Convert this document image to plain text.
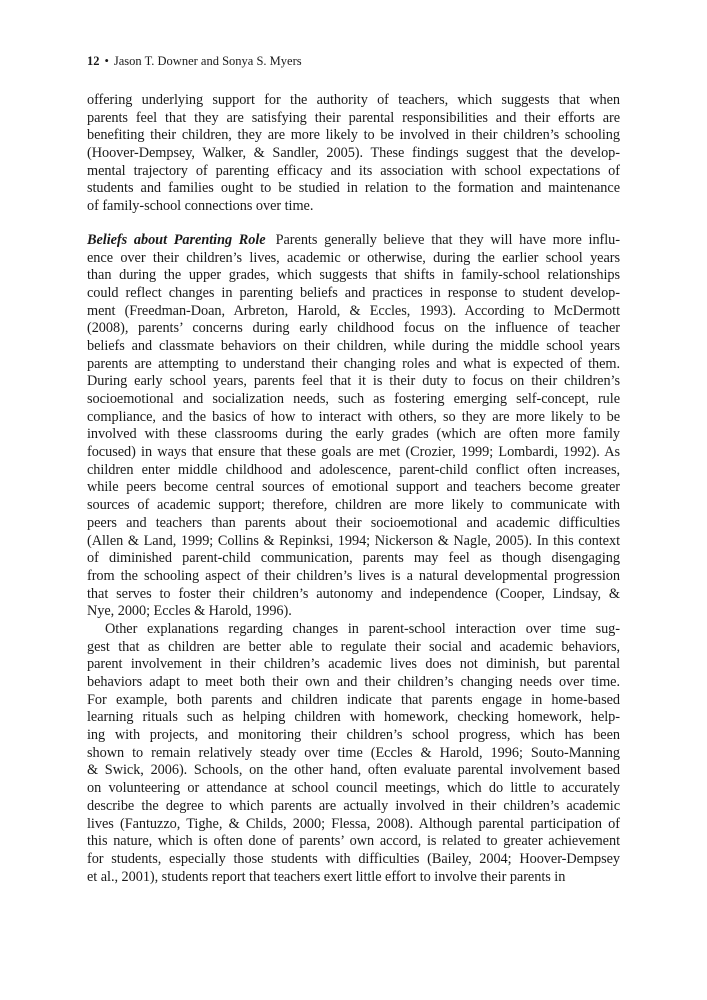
12 • Jason T. Downer and Sonya S. Myers
offering underlying support for the authority of teachers, which suggests that when
parents feel that they are satisfying their parental responsibilities and their efforts are
benefiting their children, they are more likely to be involved in their children’s schooling
(Hoover-Dempsey, Walker, & Sandler, 2005). These findings suggest that the develop-
mental trajectory of parenting efficacy and its association with school expectations of
students and families ought to be studied in relation to the formation and maintenance
of family-school connections over time.
Beliefs about Parenting Role Parents generally believe that they will have more influ-
ence over their children’s lives, academic or otherwise, during the earlier school years
than during the upper grades, which suggests that shifts in family-school relationships
could reflect changes in parenting beliefs and practices in response to student develop-
ment (Freedman-Doan, Arbreton, Harold, & Eccles, 1993). According to McDermott
(2008), parents’ concerns during early childhood focus on the influence of teacher
beliefs and classmate behaviors on their children, while during the middle school years
parents are attempting to understand their changing roles and what is expected of them.
During early school years, parents feel that it is their duty to focus on their children’s
socioemotional and socialization needs, such as fostering emerging self-concept, rule
compliance, and the basics of how to interact with others, so they are more likely to be
involved with these classrooms during the early grades (which are often more family
focused) in ways that ensure that these goals are met (Crozier, 1999; Lombardi, 1992). As
children enter middle childhood and adolescence, parent-child conflict often increases,
while peers become central sources of emotional support and teachers become greater
sources of academic support; therefore, children are more likely to communicate with
peers and teachers than parents about their socioemotional and academic difficulties
(Allen & Land, 1999; Collins & Repinksi, 1994; Nickerson & Nagle, 2005). In this context
of diminished parent-child communication, parents may feel as though disengaging
from the schooling aspect of their children’s lives is a natural developmental progression
that serves to foster their children’s autonomy and independence (Cooper, Lindsay, &
Nye, 2000; Eccles & Harold, 1996).
Other explanations regarding changes in parent-school interaction over time sug-
gest that as children are better able to regulate their social and academic behaviors,
parent involvement in their children’s academic lives does not diminish, but parental
behaviors adapt to meet both their own and their children’s changing needs over time.
For example, both parents and children indicate that parents engage in home-based
learning rituals such as helping children with homework, checking homework, help-
ing with projects, and monitoring their children’s school progress, which has been
shown to remain relatively steady over time (Eccles & Harold, 1996; Souto-Manning
& Swick, 2006). Schools, on the other hand, often evaluate parental involvement based
on volunteering or attendance at school council meetings, which do little to accurately
describe the degree to which parents are actually involved in their children’s academic
lives (Fantuzzo, Tighe, & Childs, 2000; Flessa, 2008). Although parental participation of
this nature, which is often done of parents’ own accord, is related to greater achievement
for students, especially those students with difficulties (Bailey, 2004; Hoover-Dempsey
et al., 2001), students report that teachers exert little effort to involve their parents in
